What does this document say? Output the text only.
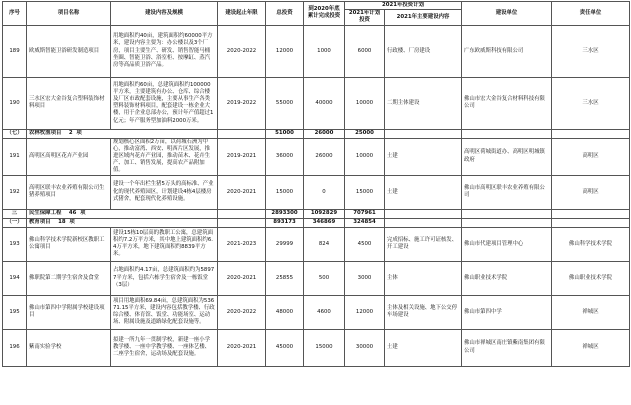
序号	项目名称	建设内容及规模	建设起止年限	总投资	到2020年底累计完成投资	2021年投资计划		建设单位	责任单位
						2021年计划投资	2021年主要建设内容		
189	欧威斯智能卫浴研发制造项目	用地面积约40亩，建筑面积约60000平方米，建设内容主要为：办公楼以及3个厂房，项目主要生产、研发、销售智能马桶坐圈、智能卫浴、浴室柜、按摩缸、蒸汽房等高品质卫浴产品。	2020-2022	12000	1000	6000	行政楼、厂房建设	广东欧威斯科技有限公司	三水区
190	三水区宏大金谷复合塑料装饰材料项目	用地面积约60亩，总建筑面积约100000平方米，主要建筑有办公、仓库、综合楼及厂区市政配套设施，主要从事生产各类塑料装饰材料项目，配套建设一栋企业大楼，用于企业总部办公，预计年产值超过1亿元；年产服务型加油料2000万米。	2019-2022	55000	40000	10000	二期主体建设	佛山市宏大金谷复合材料科技有限公司	三水区
（七）	农林牧渔项目 2 项			51000	26000	25000			
191	高明区高明区花卉产业园	规划核心区面积2万亩，以荷城石洲为中心，推动富湾、西安、明西片区发展，推进区域内花卉产业园，推动苗木、花卉生产、加工、销售发展，提高农产品附加值。	2019-2021	36000	26000	10000	土建	高明区荷城街道办、高明区明城镇政府	高明区
192	高明区联丰农业养殖有限公司生猪养殖项目	建设一个年出栏生猪5万头的高标准、产业化的现代养殖园区，计划建设4栋4层楼房式猪舍，配套现代化养殖设施。	2020-2021	15000	0	15000	土建	佛山市高明区联丰农业养殖有限公司	高明区
三	民生保障工程 46 项			2893300	1092829	707961			
（一）	教育项目 18 项			893173	346869	324854			
193	佛山科学技术学院新校区教职工公寓项目	建设15栋10层高的教职工公寓，总建筑面积约7.2万平方米，其中地上建筑面积约6.4万平方米，地下建筑面积约8839平方米。	2021-2023	29999	824	4500	完成招标、施工许可证核发、开工建设	佛山市代建项目管理中心	佛山科学技术学院
194	佛职院第二期学生宿舍及食堂	占地面积约4.17亩，总建筑面积约为58977平方米，包括六栋学生宿舍及一栋饭堂（3层）	2020-2021	25855	500	3000	主体	佛山职业技术学院	佛山职业技术学院
195	佛山市第四中学附属学校建设项目	项目用地面积69.84亩，总建筑面积为53671.15平方米，建设内容包括教学楼、行政综合楼、体育馆、饭堂、功能场室、运动场、附属设施及道路绿化配套设施等。	2020-2022	48000	4600	12000	主体及相关设施、地下公交停车场建设	佛山市第四中学	禅城区
196	紫南实验学校	拟建一所九年一贯制学校，新建一座小学教学楼、一座中学教学楼、一座体艺楼、二座学生宿舍，运动场及配套设施。	2020-2021	45000	15000	30000	土建	佛山市禅城区南庄镇紫南集团有限公司	禅城区
